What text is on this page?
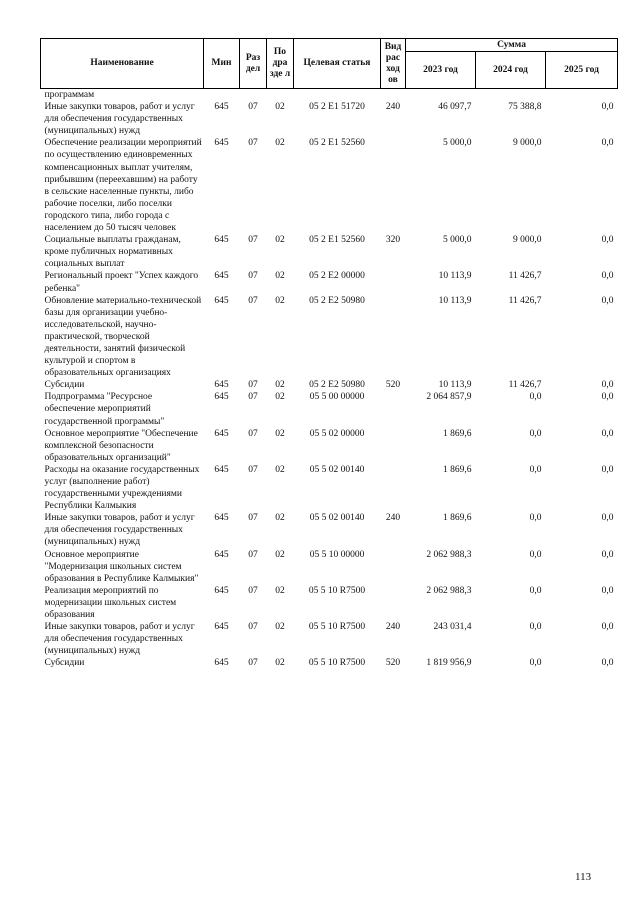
Наименование	Мин	Раз дел	По дра зде л	Целевая статья	Вид рас ход ов	Сумма		
						2023 год	2024 год	2025 год
программам								
Иные закупки товаров, работ и услуг для обеспечения государственных (муниципальных) нужд	645	07	02	05 2 Е1 51720	240	46 097,7	75 388,8	0,0
Обеспечение реализации мероприятий по осуществлению единовременных компенсационных выплат учителям, прибывшим (переехавшим) на работу в сельские населенные пункты, либо рабочие поселки, либо поселки городского типа, либо города с населением до 50 тысяч человек	645	07	02	05 2 Е1 52560		5 000,0	9 000,0	0,0
Социальные выплаты гражданам, кроме публичных нормативных социальных выплат	645	07	02	05 2 Е1 52560	320	5 000,0	9 000,0	0,0
Региональный проект "Успех каждого ребенка"	645	07	02	05 2 Е2 00000		10 113,9	11 426,7	0,0
Обновление материально-технической базы для организации учебно-исследовательской, научно-практической, творческой деятельности, занятий физической культурой и спортом в образовательных организациях	645	07	02	05 2 Е2 50980		10 113,9	11 426,7	0,0
Субсидии	645	07	02	05 2 Е2 50980	520	10 113,9	11 426,7	0,0
Подпрограмма "Ресурсное обеспечение мероприятий государственной программы"	645	07	02	05 5 00 00000		2 064 857,9	0,0	0,0
Основное мероприятие "Обеспечение комплексной безопасности образовательных организаций"	645	07	02	05 5 02 00000		1 869,6	0,0	0,0
Расходы на оказание государственных услуг (выполнение работ) государственными учреждениями Республики Калмыкия	645	07	02	05 5 02 00140		1 869,6	0,0	0,0
Иные закупки товаров, работ и услуг для обеспечения государственных (муниципальных) нужд	645	07	02	05 5 02 00140	240	1 869,6	0,0	0,0
Основное мероприятие "Модернизация школьных систем образования в Республике Калмыкия"	645	07	02	05 5 10 00000		2 062 988,3	0,0	0,0
Реализация мероприятий по модернизации школьных систем образования	645	07	02	05 5 10 R7500		2 062 988,3	0,0	0,0
Иные закупки товаров, работ и услуг для обеспечения государственных (муниципальных) нужд	645	07	02	05 5 10 R7500	240	243 031,4	0,0	0,0
Субсидии	645	07	02	05 5 10 R7500	520	1 819 956,9	0,0	0,0
113
